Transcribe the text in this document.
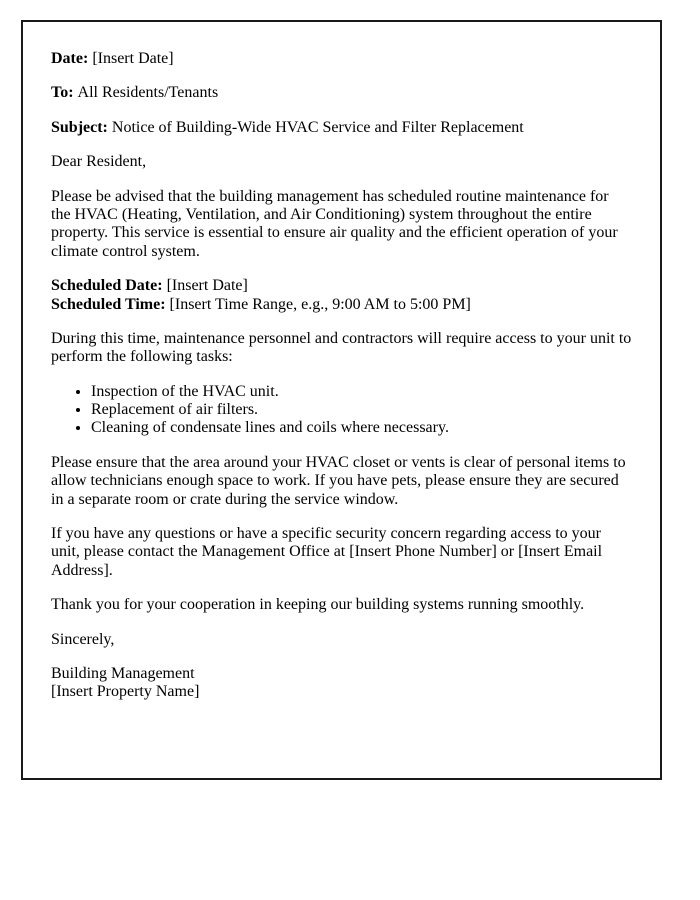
Date: [Insert Date]

To: All Residents/Tenants

Subject: Notice of Building-Wide HVAC Service and Filter Replacement

Dear Resident,

Please be advised that the building management has scheduled routine maintenance for the HVAC (Heating, Ventilation, and Air Conditioning) system throughout the entire property. This service is essential to ensure air quality and the efficient operation of your climate control system.

Scheduled Date: [Insert Date]
Scheduled Time: [Insert Time Range, e.g., 9:00 AM to 5:00 PM]

During this time, maintenance personnel and contractors will require access to your unit to perform the following tasks:

• Inspection of the HVAC unit.
• Replacement of air filters.
• Cleaning of condensate lines and coils where necessary.

Please ensure that the area around your HVAC closet or vents is clear of personal items to allow technicians enough space to work. If you have pets, please ensure they are secured in a separate room or crate during the service window.

If you have any questions or have a specific security concern regarding access to your unit, please contact the Management Office at [Insert Phone Number] or [Insert Email Address].

Thank you for your cooperation in keeping our building systems running smoothly.

Sincerely,

Building Management
[Insert Property Name]
